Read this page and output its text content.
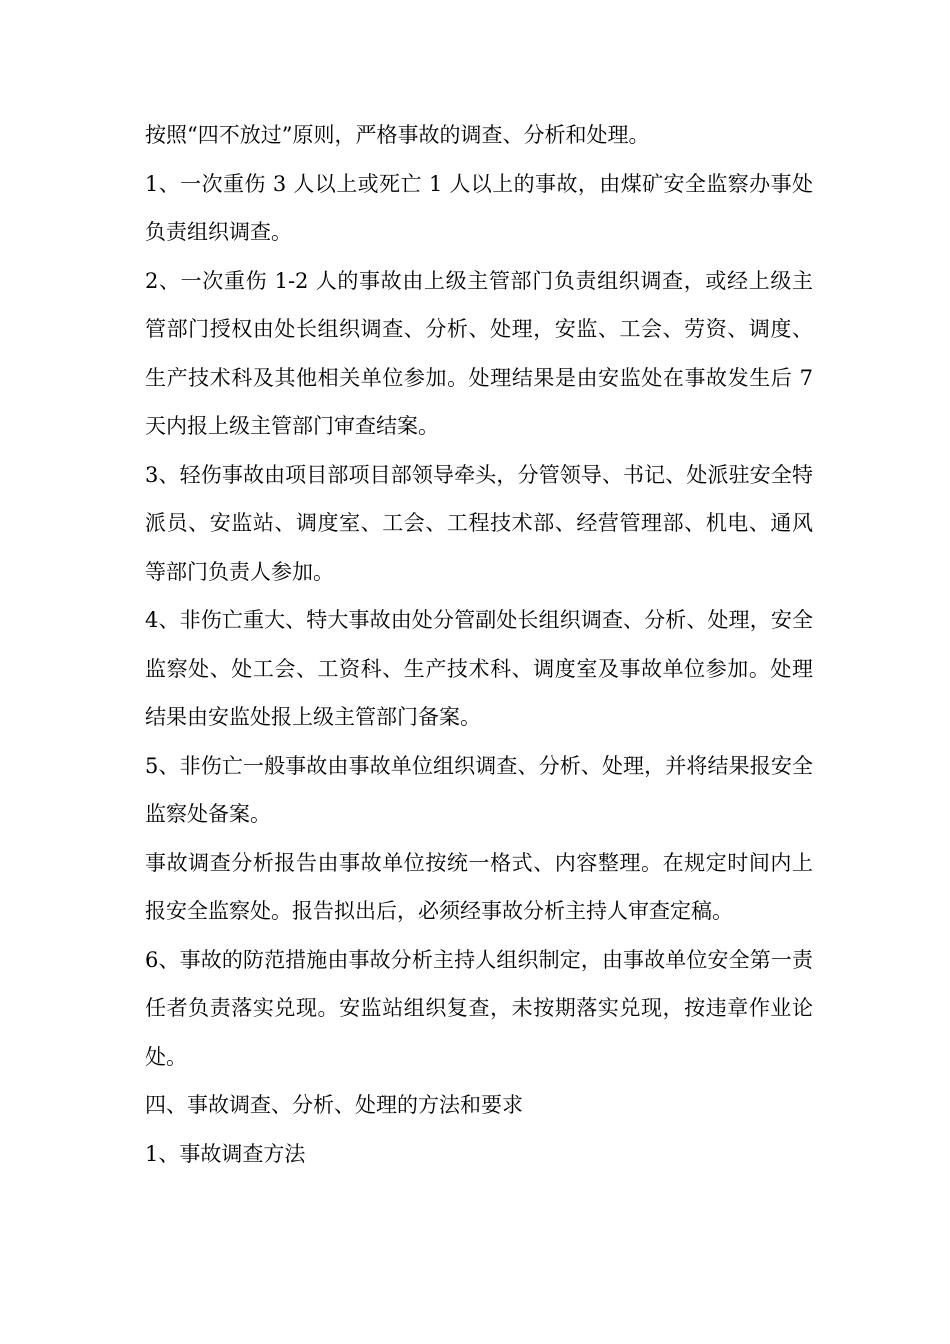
按照“四不放过”原则，严格事故的调查、分析和处理。

1、一次重伤 3 人以上或死亡 1 人以上的事故，由煤矿安全监察办事处负责组织调查。

2、一次重伤 1-2 人的事故由上级主管部门负责组织调查，或经上级主管部门授权由处长组织调查、分析、处理，安监、工会、劳资、调度、生产技术科及其他相关单位参加。处理结果是由安监处在事故发生后 7 天内报上级主管部门审查结案。

3、轻伤事故由项目部项目部领导牵头，分管领导、书记、处派驻安全特派员、安监站、调度室、工会、工程技术部、经营管理部、机电、通风等部门负责人参加。

4、非伤亡重大、特大事故由处分管副处长组织调查、分析、处理，安全监察处、处工会、工资科、生产技术科、调度室及事故单位参加。处理结果由安监处报上级主管部门备案。

5、非伤亡一般事故由事故单位组织调查、分析、处理，并将结果报安全监察处备案。

事故调查分析报告由事故单位按统一格式、内容整理。在规定时间内上报安全监察处。报告拟出后，必须经事故分析主持人审查定稿。

6、事故的防范措施由事故分析主持人组织制定，由事故单位安全第一责任者负责落实兑现。安监站组织复查，未按期落实兑现，按违章作业论处。

四、事故调查、分析、处理的方法和要求

1、事故调查方法
